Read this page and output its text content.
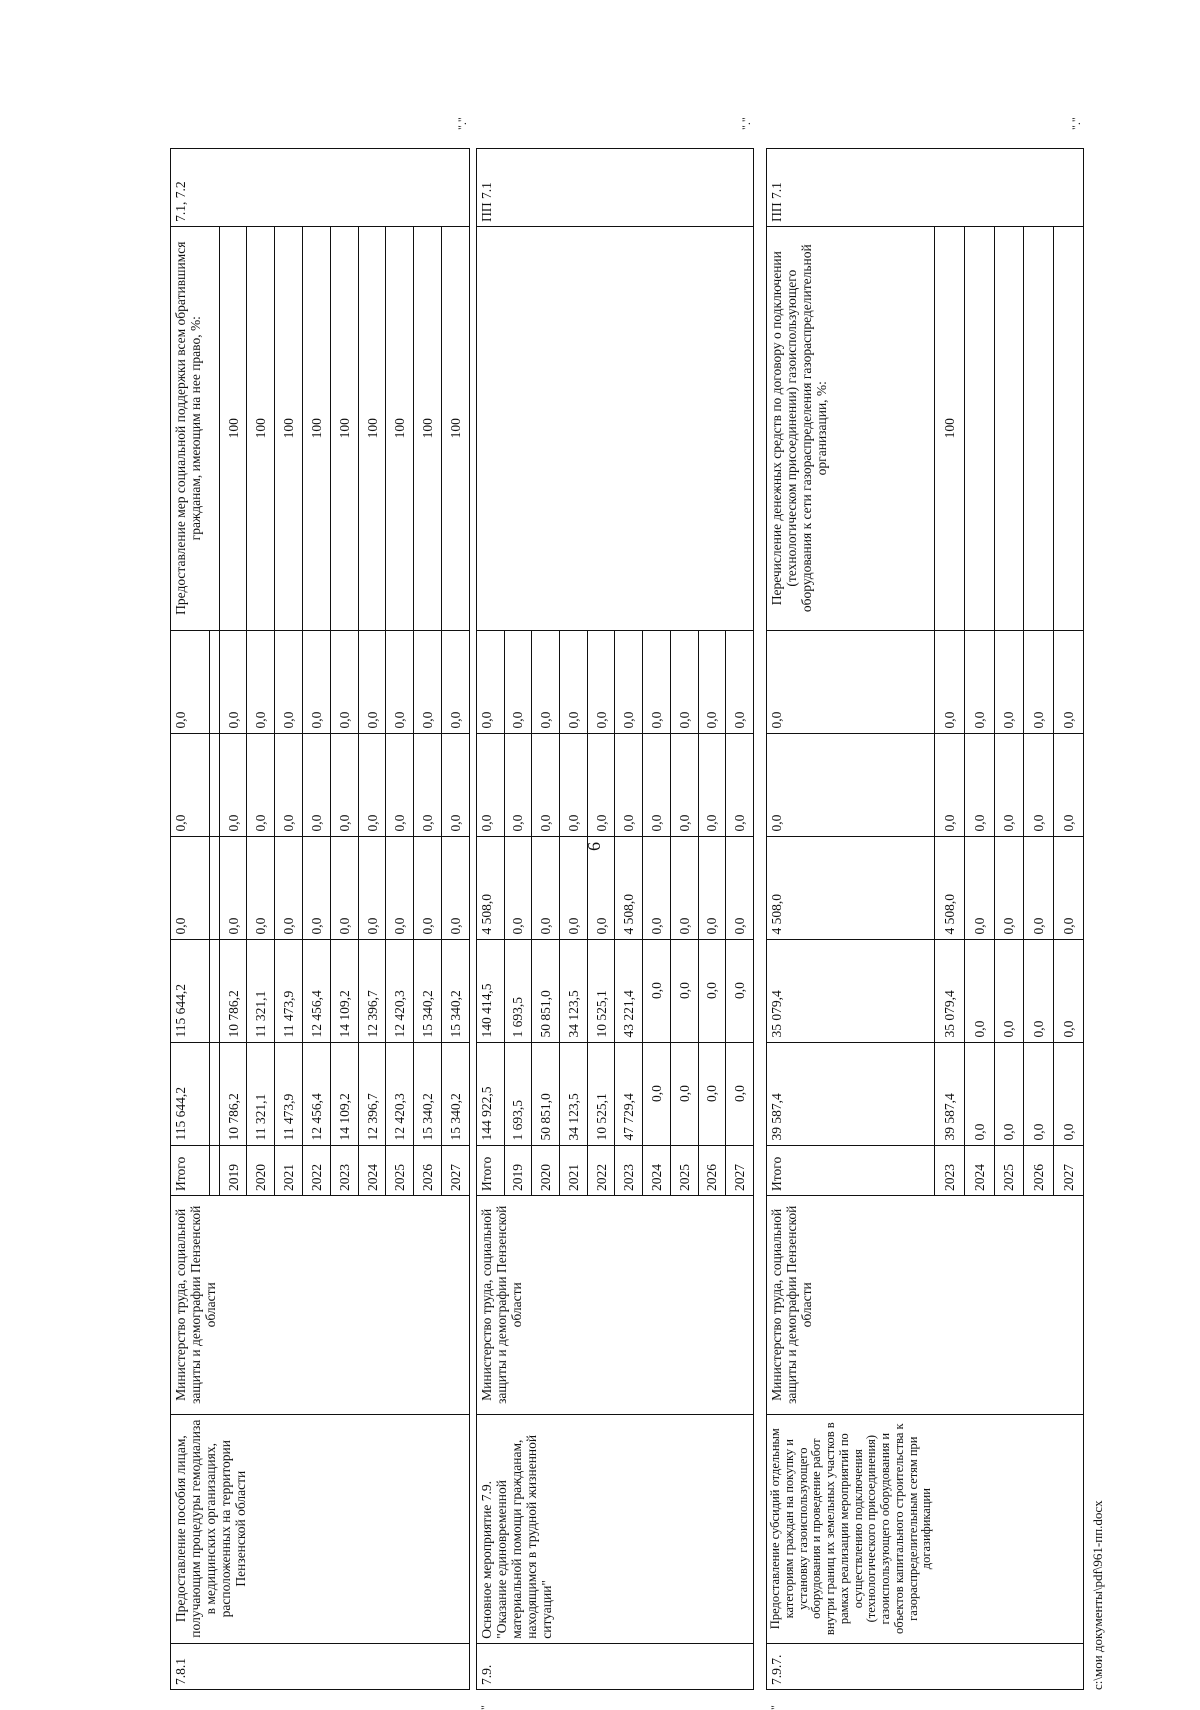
6
"."
7.8.1	Предоставление пособия лицам, получающим процедуры гемодиализа в медицинских организациях, расположенных на территории Пензенской области	Министерство труда, социальной защиты и демографии Пензенской области	Итого	115 644,2	115 644,2	0,0	0,0	0,0	Предоставление мер социальной поддержки всем обратившимся гражданам, имеющим на нее право, %:	7.1, 7.2

			2019	10 786,2	10 786,2	0,0	0,0	0,0	100	
			2020	11 321,1	11 321,1	0,0	0,0	0,0	100	
			2021	11 473,9	11 473,9	0,0	0,0	0,0	100	
			2022	12 456,4	12 456,4	0,0	0,0	0,0	100	
			2023	14 109,2	14 109,2	0,0	0,0	0,0	100	
			2024	12 396,7	12 396,7	0,0	0,0	0,0	100	
			2025	12 420,3	12 420,3	0,0	0,0	0,0	100	
			2026	15 340,2	15 340,2	0,0	0,0	0,0	100	
			2027	15 340,2	15 340,2	0,0	0,0	0,0	100	
"
"."
7.9.	Основное мероприятие 7.9. "Оказание единовременной материальной помощи гражданам, находящимся в трудной жизненной ситуации"	Министерство труда, социальной защиты и демографии Пензенской области	Итого	144 922,5	140 414,5	4 508,0	0,0	0,0		ПП 7.1
			2019	1 693,5	1 693,5	0,0	0,0	0,0		
			2020	50 851,0	50 851,0	0,0	0,0	0,0		
			2021	34 123,5	34 123,5	0,0	0,0	0,0		
			2022	10 525,1	10 525,1	0,0	0,0	0,0		
			2023	47 729,4	43 221,4	4 508,0	0,0	0,0		
			2024	0,0	0,0	0,0	0,0	0,0		
			2025	0,0	0,0	0,0	0,0	0,0		
			2026	0,0	0,0	0,0	0,0	0,0		
			2027	0,0	0,0	0,0	0,0	0,0		
"
"."
7.9.7.	Предоставление субсидий отдельным категориям граждан на покупку и установку газоиспользующего оборудования и проведение работ внутри границ их земельных участков в рамках реализации мероприятий по осуществлению подключения (технологического присоединения) газоиспользующего оборудования и объектов капитального строительства к газораспределительным сетям при догазификации	Министерство труда, социальной защиты и демографии Пензенской области	Итого	39 587,4	35 079,4	4 508,0	0,0	0,0	Перечисление денежных средств по договору о подключении (технологическом присоединении) газоиспользующего оборудования к сети газораспределения газораспределительной организации, %:	ПП 7.1
			2023	39 587,4	35 079,4	4 508,0	0,0	0,0	100	
			2024	0,0	0,0	0,0	0,0	0,0		
			2025	0,0	0,0	0,0	0,0	0,0		
			2026	0,0	0,0	0,0	0,0	0,0		
			2027	0,0	0,0	0,0	0,0	0,0		
c:\мои документы\pdf\961-пп.docx
